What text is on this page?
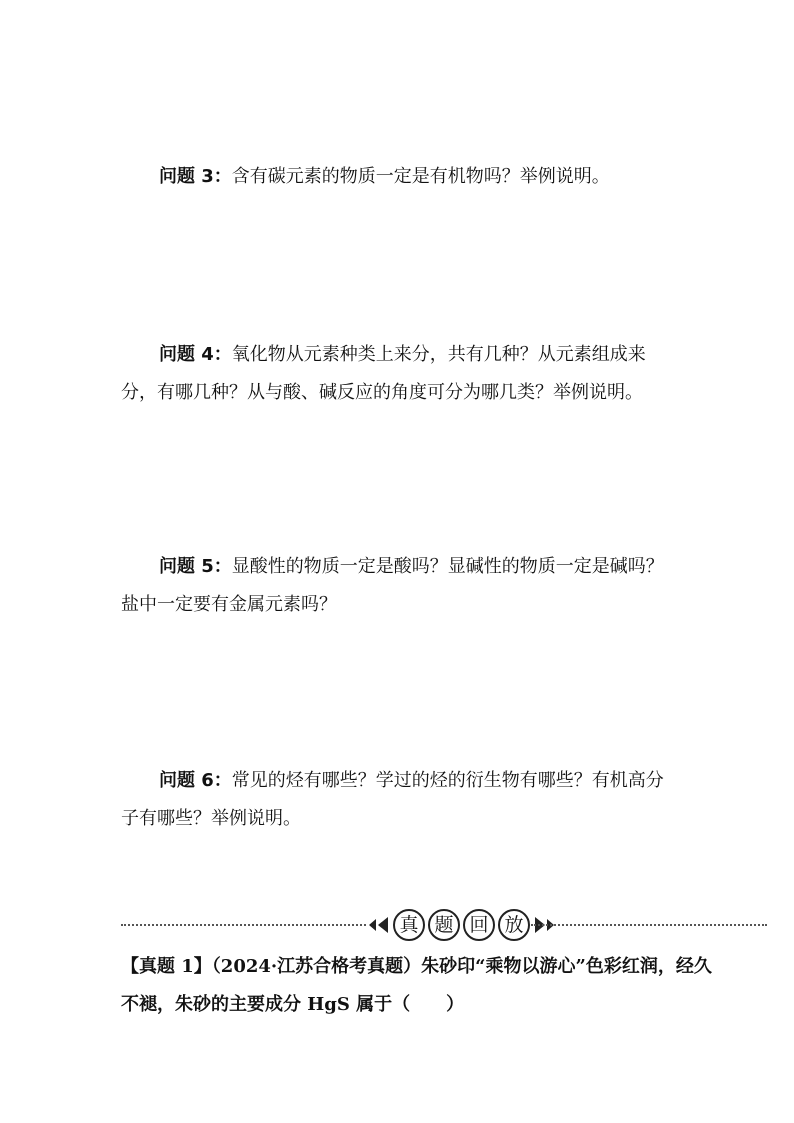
问题 3：含有碳元素的物质一定是有机物吗？举例说明。
问题 4：氧化物从元素种类上来分，共有几种？从元素组成来分，有哪几种？从与酸、碱反应的角度可分为哪几类？举例说明。
问题 5：显酸性的物质一定是酸吗？显碱性的物质一定是碱吗？盐中一定要有金属元素吗？
问题 6：常见的烃有哪些？学过的烃的衍生物有哪些？有机高分子有哪些？举例说明。
真 题 回 放
【真题 1】（2024·江苏合格考真题）朱砂印“乘物以游心”色彩红润，经久不褪，朱砂的主要成分 HgS 属于（　　）
